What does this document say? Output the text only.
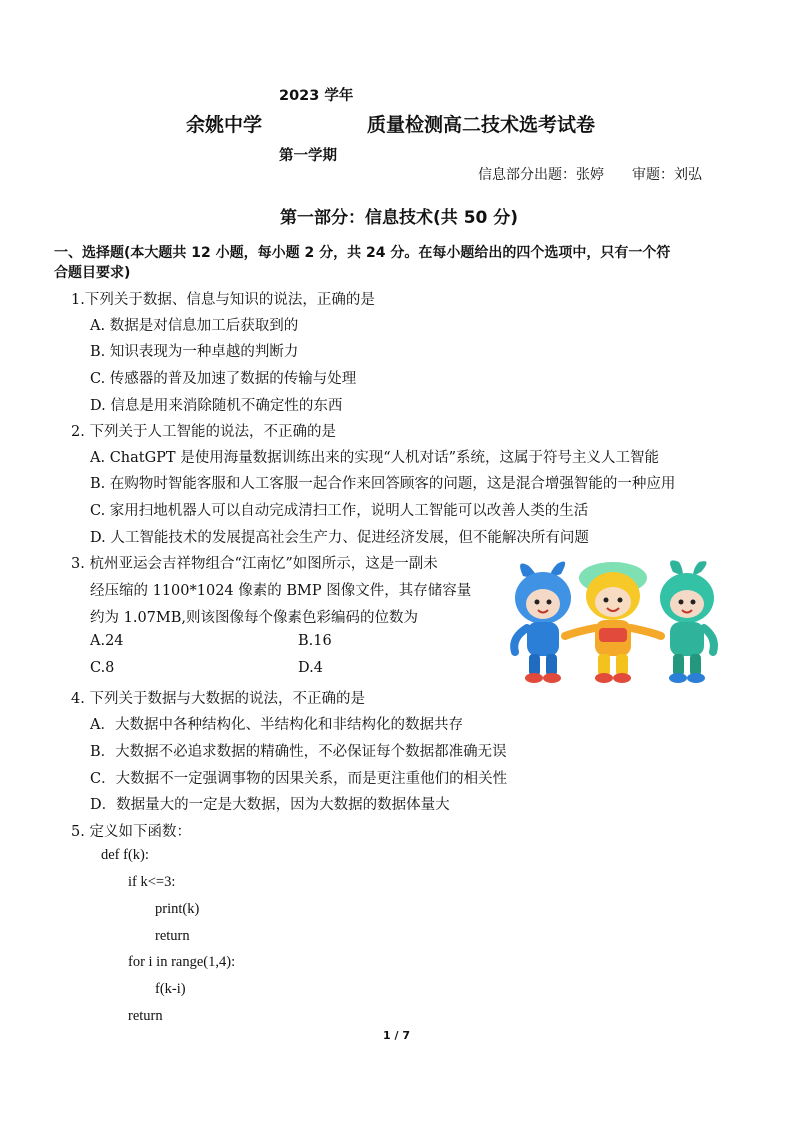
2023 学年
余姚中学	质量检测高二技术选考试卷
第一学期
信息部分出题：张婷　　审题：刘弘
第一部分：信息技术(共 50 分)
一、选择题(本大题共 12 小题，每小题 2 分，共 24 分。在每小题给出的四个选项中，只有一个符
合题目要求)
1.下列关于数据、信息与知识的说法，正确的是
A. 数据是对信息加工后获取到的
B. 知识表现为一种卓越的判断力
C. 传感器的普及加速了数据的传输与处理
D. 信息是用来消除随机不确定性的东西
2. 下列关于人工智能的说法，不正确的是
A. ChatGPT 是使用海量数据训练出来的实现“人机对话”系统，这属于符号主义人工智能
B. 在购物时智能客服和人工客服一起合作来回答顾客的问题，这是混合增强智能的一种应用
C. 家用扫地机器人可以自动完成清扫工作，说明人工智能可以改善人类的生活
D. 人工智能技术的发展提高社会生产力、促进经济发展，但不能解决所有问题
3. 杭州亚运会吉祥物组合“江南忆”如图所示，这是一副未
经压缩的 1100*1024 像素的 BMP 图像文件，其存储容量
约为 1.07MB,则该图像每个像素色彩编码的位数为
A.24	B.16
C.8	D.4
4. 下列关于数据与大数据的说法，不正确的是
A．大数据中各种结构化、半结构化和非结构化的数据共存
B．大数据不必追求数据的精确性，不必保证每个数据都准确无误
C．大数据不一定强调事物的因果关系，而是更注重他们的相关性
D．数据量大的一定是大数据，因为大数据的数据体量大
5. 定义如下函数：
def f(k):
if k<=3:
print(k)
return
for i in range(1,4):
f(k-i)
return
1 / 7
